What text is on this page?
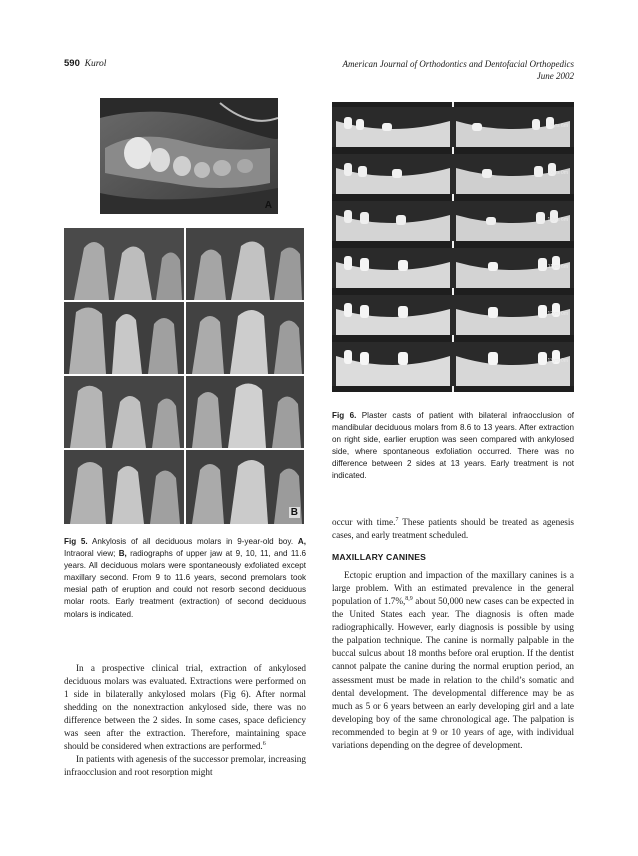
590 Kurol	American Journal of Orthodontics and Dentofacial Orthopedics
June 2002
A
B
Fig 5. Ankylosis of all deciduous molars in 9-year-old boy. A, Intraoral view; B, radiographs of upper jaw at 9, 10, 11, and 11.6 years. All deciduous molars were spontaneously exfoliated except maxillary second. From 9 to 11.6 years, second premolars took mesial path of eruption and could not resorb second deciduous molar roots. Early treatment (extraction) of second deciduous molars is indicated.
8yrs 6m
10yrs 0m
10yrs 6m
11yrs 6m
12yrs 0m
13yrs 0m
Fig 6. Plaster casts of patient with bilateral infraocclusion of mandibular deciduous molars from 8.6 to 13 years. After extraction on right side, earlier eruption was seen compared with ankylosed side, where spontaneous exfoliation occurred. There was no difference between 2 sides at 13 years. Early treatment is not indicated.

In a prospective clinical trial, extraction of ankylosed deciduous molars was evaluated. Extractions were performed on 1 side in bilaterally ankylosed molars (Fig 6). After normal shedding on the nonextraction ankylosed side, there was no difference between the 2 sides. In some cases, space deficiency was seen after the extraction. Therefore, maintaining space should be considered when extractions are performed.$^6$

In patients with agenesis of the successor premolar, increasing infraocclusion and root resorption might

occur with time.$^7$ These patients should be treated as agenesis cases, and early treatment scheduled.

MAXILLARY CANINES

Ectopic eruption and impaction of the maxillary canines is a large problem. With an estimated prevalence in the general population of 1.7%,$^{8,9}$ about 50,000 new cases can be expected in the United States each year. The diagnosis is often made radiographically. However, early diagnosis is possible by using the palpation technique. The canine is normally palpable in the buccal sulcus about 18 months before oral eruption. If the dentist cannot palpate the canine during the normal eruption period, an assessment must be made in relation to the child’s somatic and dental development. The developmental difference may be as much as 5 or 6 years between an early developing girl and a late developing boy of the same chronological age. The palpation is recommended to begin at 9 or 10 years of age, with individual variations depending on the degree of development.
